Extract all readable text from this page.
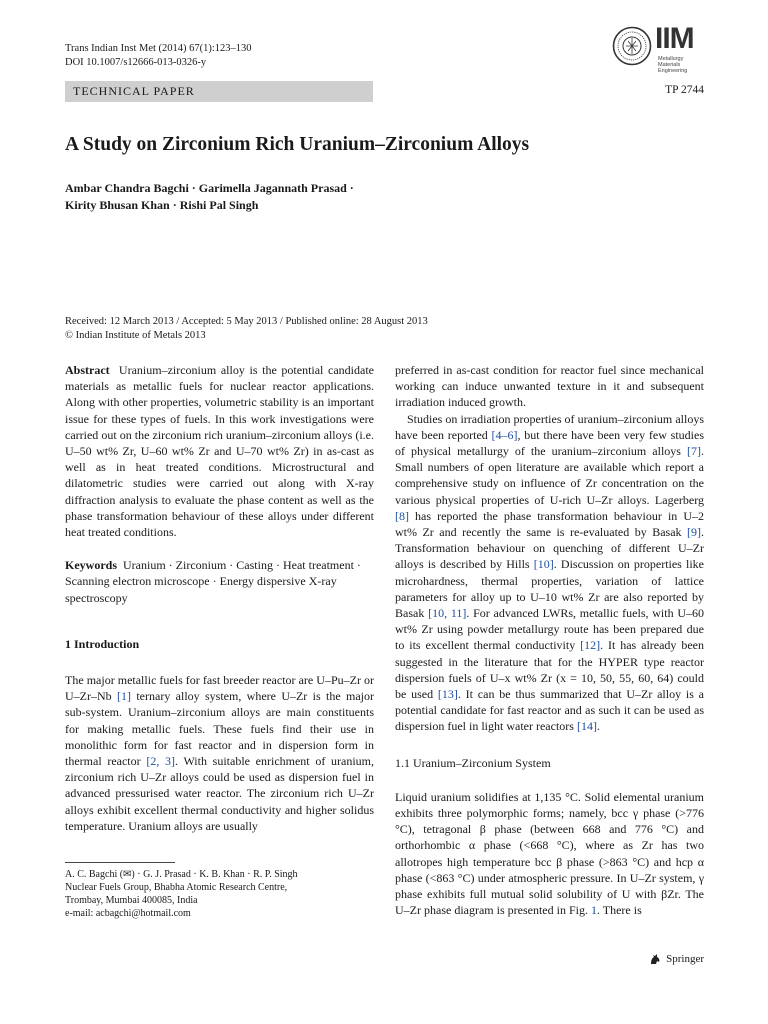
Trans Indian Inst Met (2014) 67(1):123–130
DOI 10.1007/s12666-013-0326-y
IIM
Metallurgy
Materials Engineering
TECHNICAL PAPER	TP 2744
A Study on Zirconium Rich Uranium–Zirconium Alloys
Ambar Chandra Bagchi · Garimella Jagannath Prasad ·
Kirity Bhusan Khan · Rishi Pal Singh
Received: 12 March 2013 / Accepted: 5 May 2013 / Published online: 28 August 2013
© Indian Institute of Metals 2013

Abstract Uranium–zirconium alloy is the potential candidate materials as metallic fuels for nuclear reactor applications. Along with other properties, volumetric stability is an important issue for these types of fuels. In this work investigations were carried out on the zirconium rich uranium–zirconium alloys (i.e. U–50 wt% Zr, U–60 wt% Zr and U–70 wt% Zr) in as-cast as well as in heat treated conditions. Microstructural and dilatometric studies were carried out along with X-ray diffraction analysis to evaluate the phase content as well as the phase transformation behaviour of these alloys under different heat treated conditions.

Keywords Uranium · Zirconium · Casting · Heat treatment · Scanning electron microscope · Energy dispersive X-ray spectroscopy

1 Introduction

The major metallic fuels for fast breeder reactor are U–Pu–Zr or U–Zr–Nb [1] ternary alloy system, where U–Zr is the major sub-system. Uranium–zirconium alloys are main constituents for making metallic fuels. These fuels find their use in monolithic form for fast reactor and in dispersion form in thermal reactor [2, 3]. With suitable enrichment of uranium, zirconium rich U–Zr alloys could be used as dispersion fuel in advanced pressurised water reactor. The zirconium rich U–Zr alloys exhibit excellent thermal conductivity and higher solidus temperature. Uranium alloys are usually

preferred in as-cast condition for reactor fuel since mechanical working can induce unwanted texture in it and subsequent irradiation induced growth.

Studies on irradiation properties of uranium–zirconium alloys have been reported [4–6], but there have been very few studies of physical metallurgy of the uranium–zirconium alloys [7]. Small numbers of open literature are available which report a comprehensive study on influence of Zr concentration on the various physical properties of U-rich U–Zr alloys. Lagerberg [8] has reported the phase transformation behaviour in U–2 wt% Zr and recently the same is re-evaluated by Basak [9]. Transformation behaviour on quenching of different U–Zr alloys is described by Hills [10]. Discussion on properties like microhardness, thermal properties, variation of lattice parameters for alloy up to U–10 wt% Zr are also reported by Basak [10, 11]. For advanced LWRs, metallic fuels, with U–60 wt% Zr using powder metallurgy route has been prepared due to its excellent thermal conductivity [12]. It has already been suggested in the literature that for the HYPER type reactor dispersion fuels of U–x wt% Zr (x = 10, 50, 55, 60, 64) could be used [13]. It can be thus summarized that U–Zr alloy is a potential candidate for fast reactor and as such it can be used as dispersion fuel in light water reactors [14].

1.1 Uranium–Zirconium System

Liquid uranium solidifies at 1,135 °C. Solid elemental uranium exhibits three polymorphic forms; namely, bcc γ phase (>776 °C), tetragonal β phase (between 668 and 776 °C) and orthorhombic α phase (<668 °C), where as Zr has two allotropes high temperature bcc β phase (>863 °C) and hcp α phase (<863 °C) under atmospheric pressure. In U–Zr system, γ phase exhibits full mutual solid solubility of U with βZr. The U–Zr phase diagram is presented in Fig. 1. There is

A. C. Bagchi (✉) · G. J. Prasad · K. B. Khan · R. P. Singh
Nuclear Fuels Group, Bhabha Atomic Research Centre,
Trombay, Mumbai 400085, India
e-mail: acbagchi@hotmail.com
Springer
